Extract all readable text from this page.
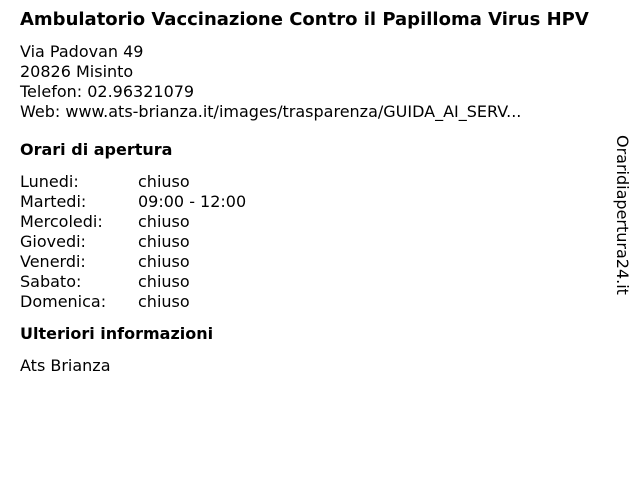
Ambulatorio Vaccinazione Contro il Papilloma Virus HPV
Via Padovan 49
20826 Misinto
Telefon: 02.96321079
Web: www.ats-brianza.it/images/trasparenza/GUIDA_AI_SERV...
Orari di apertura
Lunedi:	chiuso
Martedi:	09:00 - 12:00
Mercoledi:	chiuso
Giovedi:	chiuso
Venerdi:	chiuso
Sabato:	chiuso
Domenica:	chiuso
Ulteriori informazioni
Ats Brianza
Oraridiapertura24.it
